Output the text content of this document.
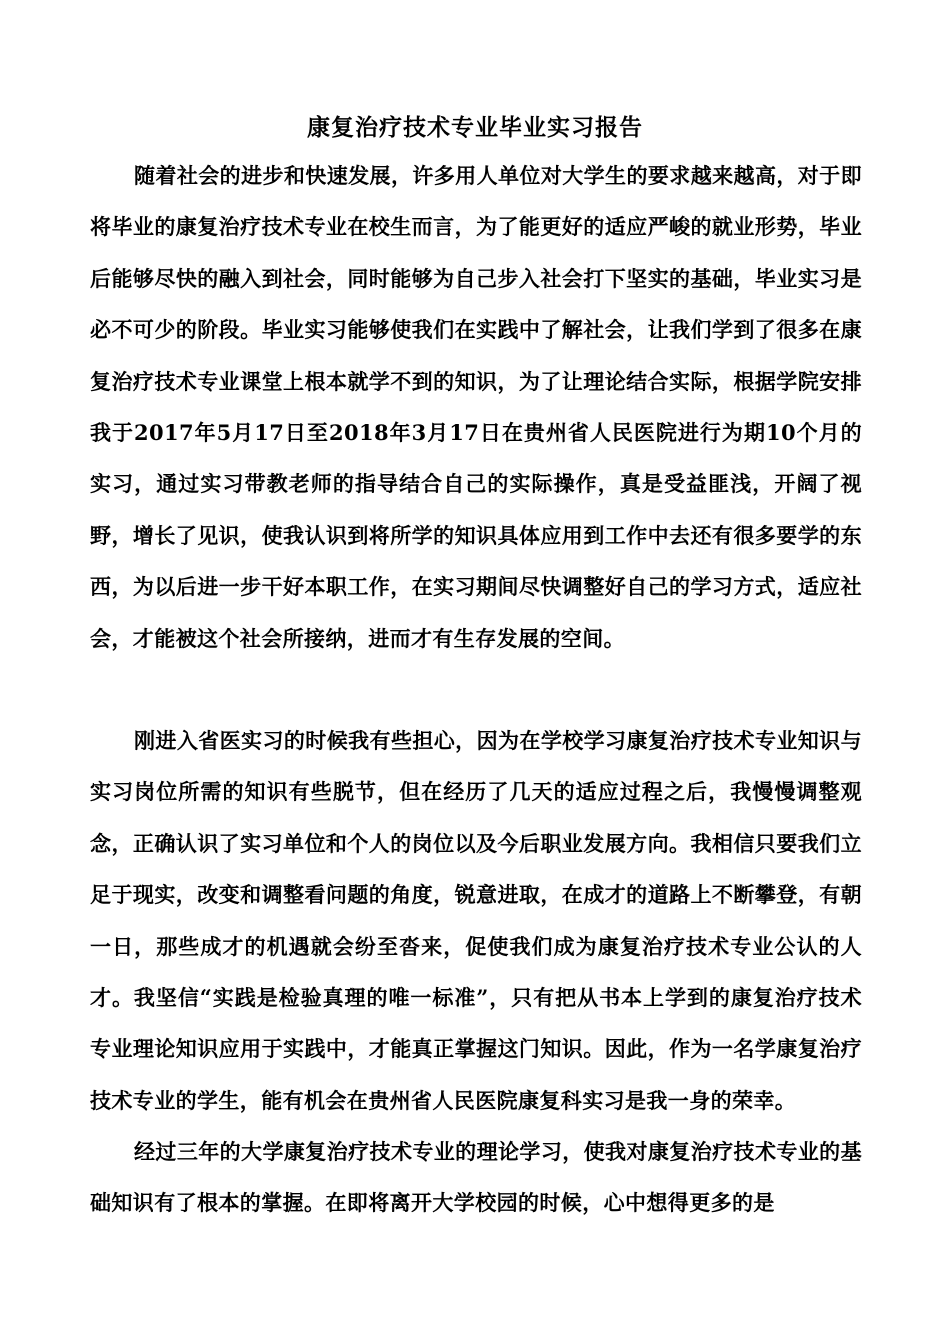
康复治疗技术专业毕业实习报告

随着社会的进步和快速发展，许多用人单位对大学生的要求越来越高，对于即将毕业的康复治疗技术专业在校生而言，为了能更好的适应严峻的就业形势，毕业后能够尽快的融入到社会，同时能够为自己步入社会打下坚实的基础，毕业实习是必不可少的阶段。毕业实习能够使我们在实践中了解社会，让我们学到了很多在康复治疗技术专业课堂上根本就学不到的知识，为了让理论结合实际，根据学院安排我于2017年5月17日至2018年3月17日在贵州省人民医院进行为期10个月的实习，通过实习带教老师的指导结合自己的实际操作，真是受益匪浅，开阔了视野，增长了见识，使我认识到将所学的知识具体应用到工作中去还有很多要学的东西，为以后进一步干好本职工作，在实习期间尽快调整好自己的学习方式，适应社会，才能被这个社会所接纳，进而才有生存发展的空间。

刚进入省医实习的时候我有些担心，因为在学校学习康复治疗技术专业知识与实习岗位所需的知识有些脱节，但在经历了几天的适应过程之后，我慢慢调整观念，正确认识了实习单位和个人的岗位以及今后职业发展方向。我相信只要我们立足于现实，改变和调整看问题的角度，锐意进取，在成才的道路上不断攀登，有朝一日，那些成才的机遇就会纷至沓来，促使我们成为康复治疗技术专业公认的人才。我坚信“实践是检验真理的唯一标准”，只有把从书本上学到的康复治疗技术专业理论知识应用于实践中，才能真正掌握这门知识。因此，作为一名学康复治疗技术专业的学生，能有机会在贵州省人民医院康复科实习是我一身的荣幸。

经过三年的大学康复治疗技术专业的理论学习，使我对康复治疗技术专业的基础知识有了根本的掌握。在即将离开大学校园的时候，心中想得更多的是
